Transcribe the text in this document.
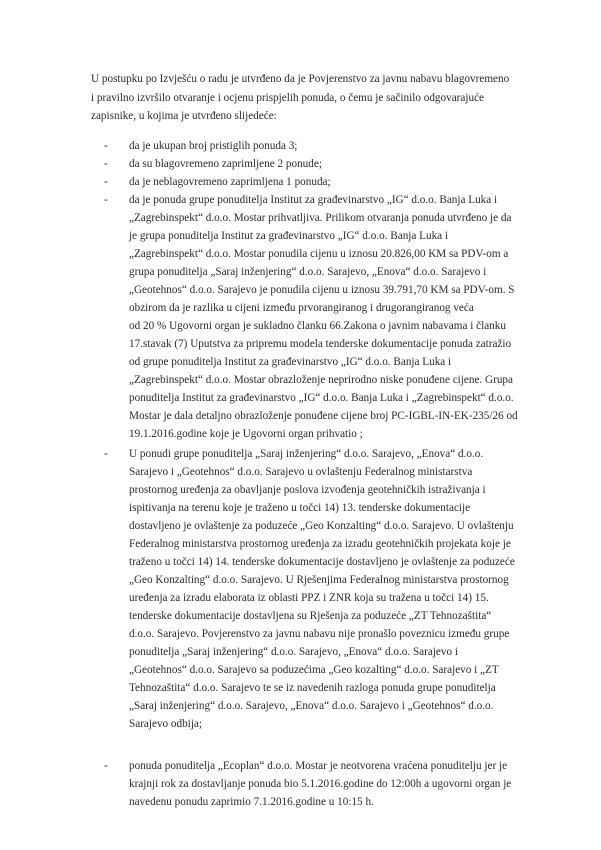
U postupku po Izvješću o radu je utvrđeno da je Povjerenstvo za javnu nabavu blagovremeno
i pravilno izvršilo otvaranje i ocjenu prispjelih ponuda, o čemu je sačinilo odgovarajuće
zapisnike, u kojima je utvrđeno slijedeće:
- da je ukupan broj pristiglih ponuda 3;
- da su blagovremeno zaprimljene 2 ponude;
- da je neblagovremeno zaprimljena 1 ponuda;
- da je ponuda grupe ponuditelja Institut za građevinarstvo „IG“ d.o.o. Banja Luka i
„Zagrebinspekt“ d.o.o. Mostar prihvatljiva. Prilikom otvaranja ponuda utvrđeno je da
je grupa ponuditelja Institut za građevinarstvo „IG“ d.o.o. Banja Luka i
„Zagrebinspekt“ d.o.o. Mostar ponudila cijenu u iznosu 20.826,00 KM sa PDV-om a
grupa ponuditelja „Saraj inženjering“ d.o.o. Sarajevo, „Enova“ d.o.o. Sarajevo i
„Geotehnos“ d.o.o. Sarajevo je ponudila cijenu u iznosu 39.791,70 KM sa PDV-om. S
obzirom da je razlika u cijeni između prvorangiranog i drugorangiranog veća
od 20 % Ugovorni organ je sukladno članku 66.Zakona o javnim nabavama i članku
17.stavak (7) Uputstva za pripremu modela tenderske dokumentacije ponuda zatražio
od grupe ponuditelja Institut za građevinarstvo „IG“ d.o.o. Banja Luka i
„Zagrebinspekt“ d.o.o. Mostar obrazloženje neprirodno niske ponuđene cijene. Grupa
ponuditelja Institut za građevinarstvo „IG“ d.o.o. Banja Luka i „Zagrebinspekt“ d.o.o.
Mostar je dala detaljno obrazloženje ponuđene cijene broj PC-IGBL-IN-EK-235/26 od
19.1.2016.godine koje je Ugovorni organ prihvatio ;
- U ponudi grupe ponuditelja „Saraj inženjering“ d.o.o. Sarajevo, „Enova“ d.o.o.
Sarajevo i „Geotehnos“ d.o.o. Sarajevo u ovlaštenju Federalnog ministarstva
prostornog uređenja za obavljanje poslova izvođenja geotehničkih istraživanja i
ispitivanja na terenu koje je traženo u točci 14) 13. tenderske dokumentacije
dostavljeno je ovlaštenje za poduzeće „Geo Konzalting“ d.o.o. Sarajevo. U ovlaštenju
Federalnog ministarstva prostornog uređenja za izradu geotehničkih projekata koje je
traženo u točci 14) 14. tenderske dokumentacije dostavljeno je ovlaštenje za poduzeće
„Geo Konzalting“ d.o.o. Sarajevo. U Rješenjima Federalnog ministarstva prostornog
uređenja za izradu elaborata iz oblasti PPZ i ZNR koja su tražena u točci 14) 15.
tenderske dokumentacije dostavljena su Rješenja za poduzeće „ZT Tehnozaštita“
d.o.o. Sarajevo. Povjerenstvo za javnu nabavu nije pronašlo poveznicu između grupe
ponuditelja „Saraj inženjering“ d.o.o. Sarajevo, „Enova“ d.o.o. Sarajevo i
„Geotehnos“ d.o.o. Sarajevo sa poduzećima „Geo kozalting“ d.o.o. Sarajevo i „ZT
Tehnozaštita“ d.o.o. Sarajevo te se iz navedenih razloga ponuda grupe ponuditelja
„Saraj inženjering“ d.o.o. Sarajevo, „Enova“ d.o.o. Sarajevo i „Geotehnos“ d.o.o.
Sarajevo odbija;
- ponuda ponuditelja „Ecoplan“ d.o.o. Mostar je neotvorena vraćena ponuditelju jer je
krajnji rok za dostavljanje ponuda bio 5.1.2016.godine do 12:00h a ugovorni organ je
navedenu ponudu zaprimio 7.1.2016.godine u 10:15 h.
